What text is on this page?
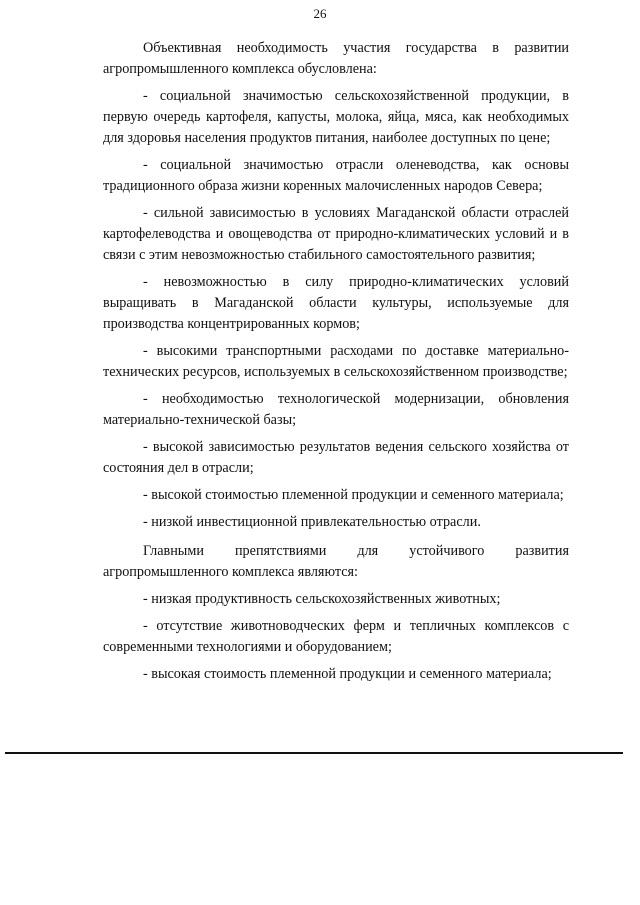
26

Объективная необходимость участия государства в развитии агропромышленного комплекса обусловлена:

- социальной значимостью сельскохозяйственной продукции, в первую очередь картофеля, капусты, молока, яйца, мяса, как необходимых для здоровья населения продуктов питания, наиболее доступных по цене;

- социальной значимостью отрасли оленеводства, как основы традиционного образа жизни коренных малочисленных народов Севера;

- сильной зависимостью в условиях Магаданской области отраслей картофелеводства и овощеводства от природно-климатических условий и в связи с этим невозможностью стабильного самостоятельного развития;

- невозможностью в силу природно-климатических условий выращивать в Магаданской области культуры, используемые для производства концентрированных кормов;

- высокими транспортными расходами по доставке материально-технических ресурсов, используемых в сельскохозяйственном производстве;

- необходимостью технологической модернизации, обновления материально-технической базы;

- высокой зависимостью результатов ведения сельского хозяйства от состояния дел в отрасли;

- высокой стоимостью племенной продукции и семенного материала;

- низкой инвестиционной привлекательностью отрасли.

Главными препятствиями для устойчивого развития агропромышленного комплекса являются:

- низкая продуктивность сельскохозяйственных животных;

- отсутствие животноводческих ферм и тепличных комплексов с современными технологиями и оборудованием;

- высокая стоимость племенной продукции и семенного материала;
